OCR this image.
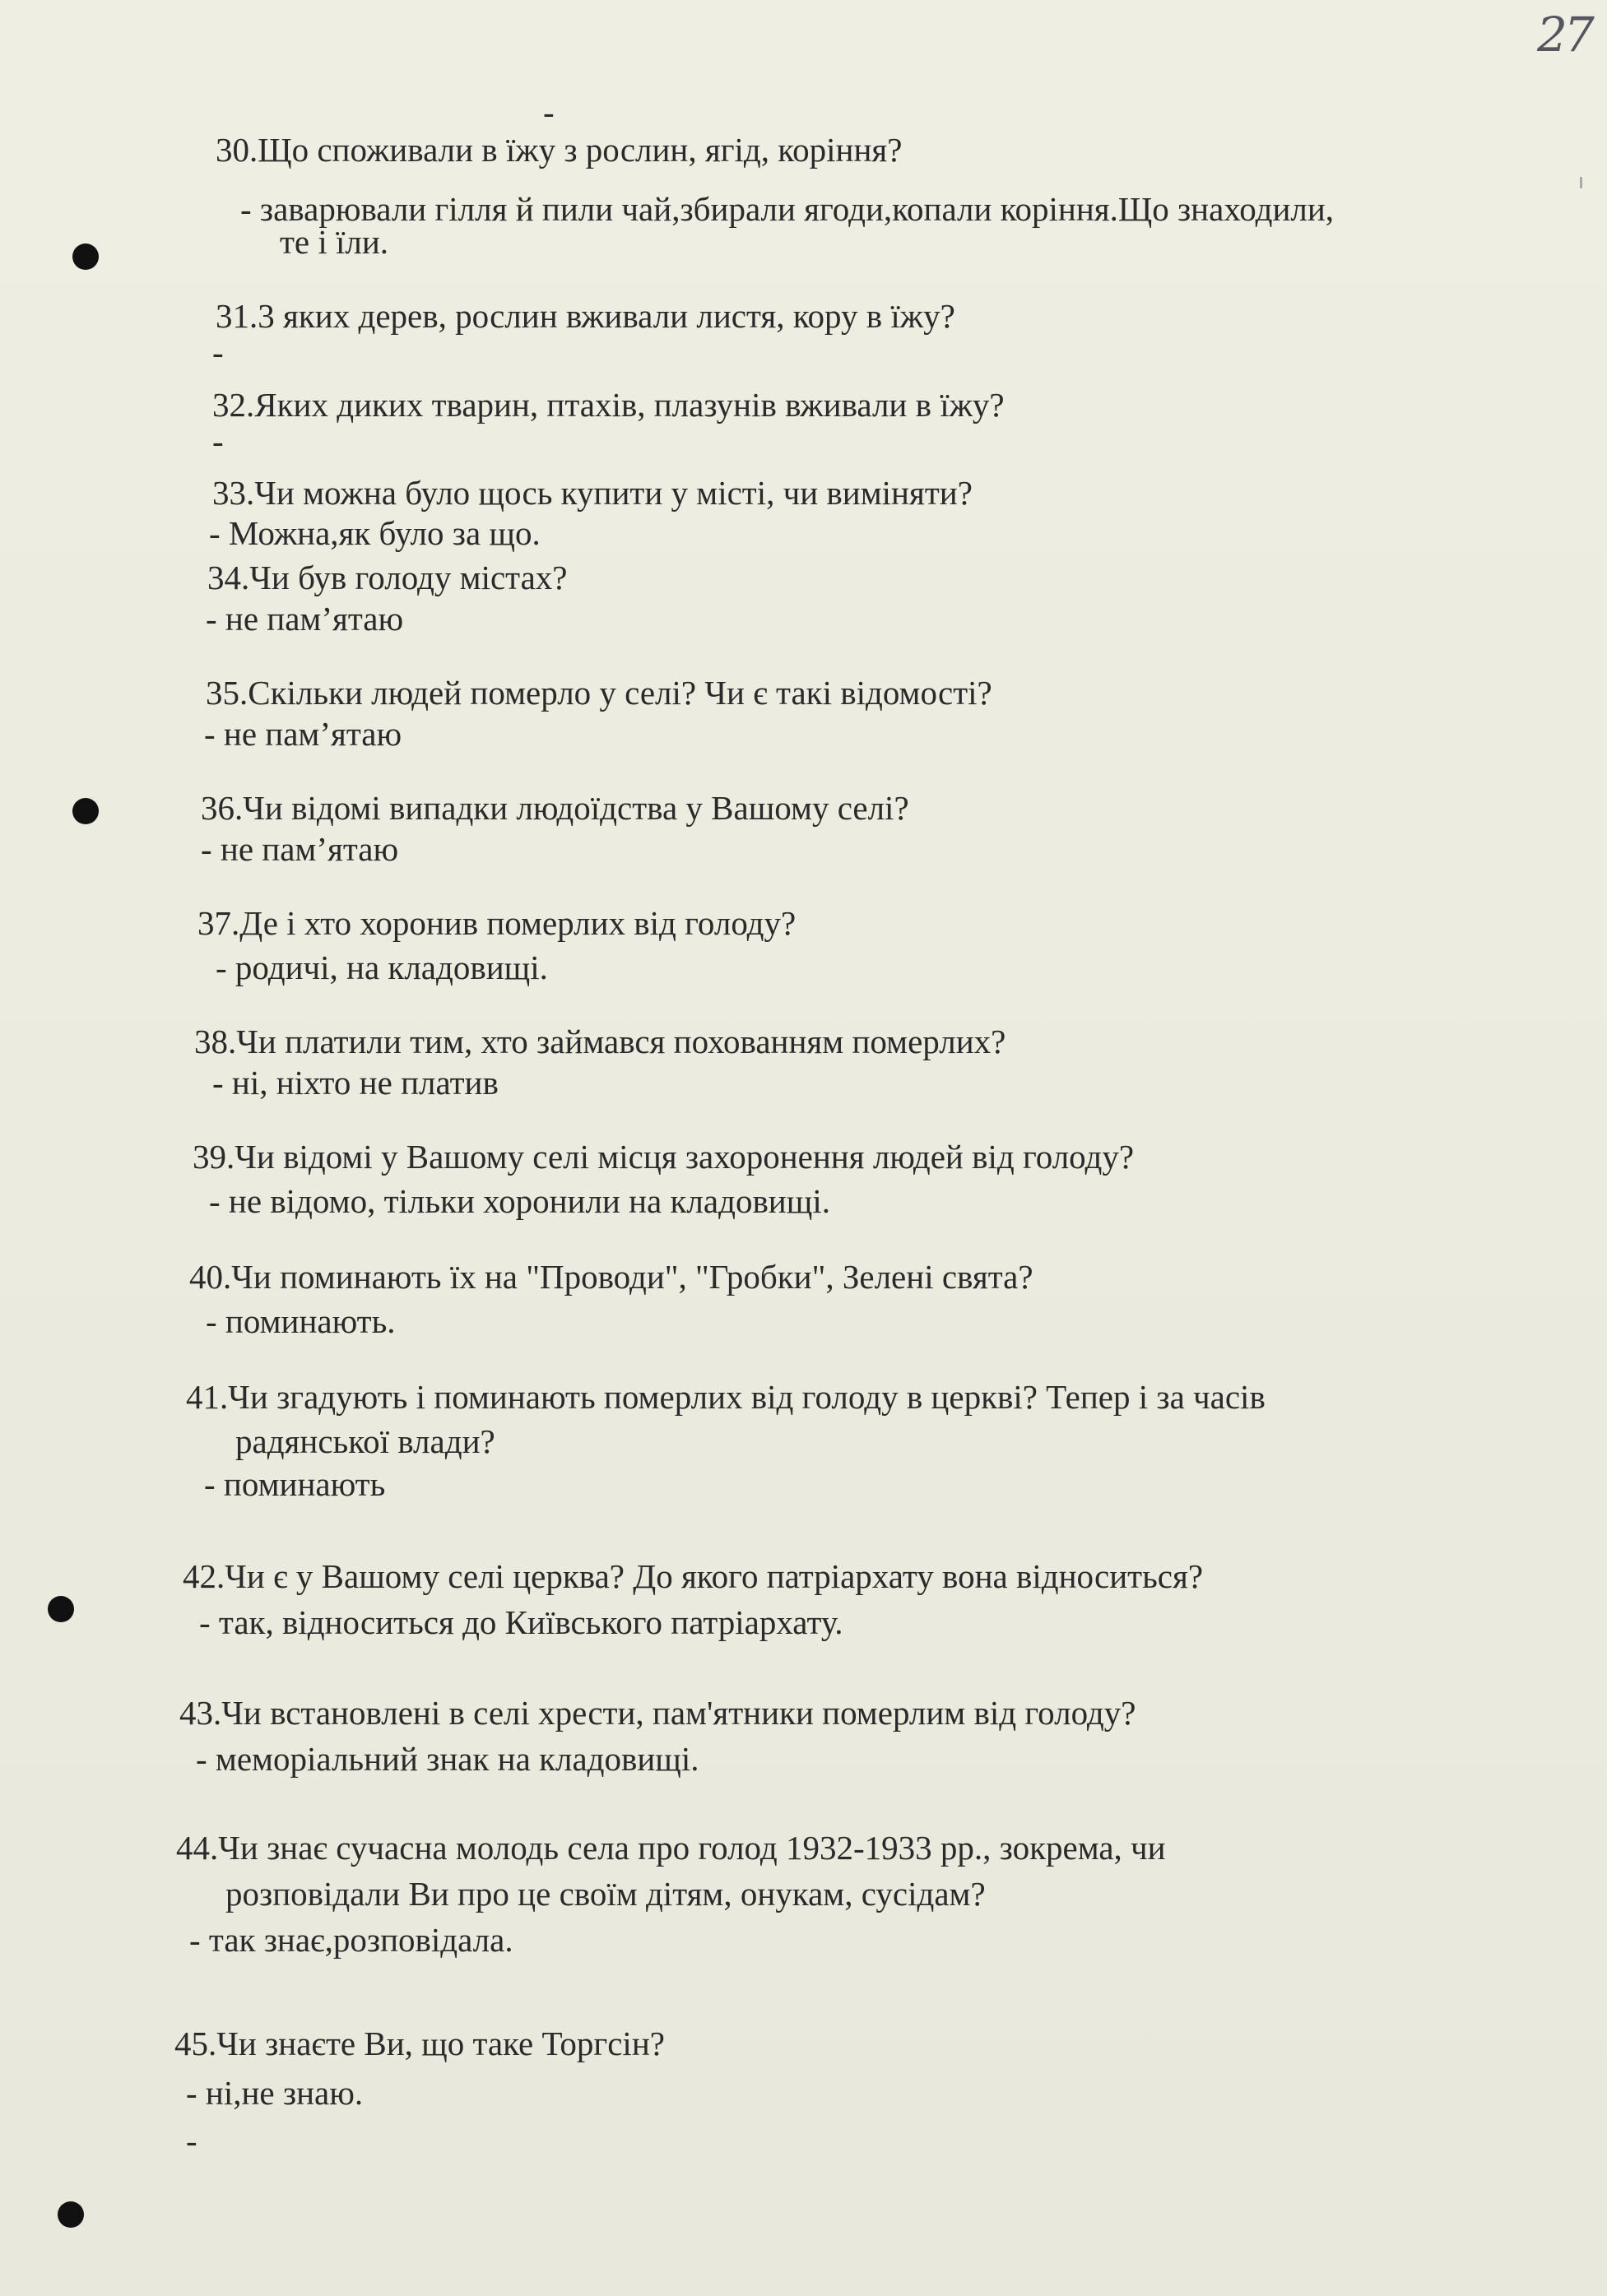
27
-
30.Що споживали в їжу з рослин, ягід, коріння?
- заварювали гілля й пили чай,збирали ягоди,копали коріння.Що знаходили,
те і їли.
31.3 яких дерев, рослин вживали листя, кору в їжу?
-
32.Яких диких тварин, птахів, плазунів вживали в їжу?
-
33.Чи можна було щось купити у місті, чи виміняти?
- Можна,як було за що.
34.Чи був голоду містах?
- не пам’ятаю
35.Скільки людей померло у селі? Чи є такі відомості?
- не пам’ятаю
36.Чи відомі випадки людоїдства у Вашому селі?
- не пам’ятаю
37.Де і хто хоронив померлих від голоду?
- родичі, на кладовищі.
38.Чи платили тим, хто займався похованням померлих?
- ні, ніхто не платив
39.Чи відомі у Вашому селі місця захоронення людей від голоду?
- не відомо, тільки хоронили на кладовищі.
40.Чи поминають їх на "Проводи", "Гробки", Зелені свята?
- поминають.
41.Чи згадують і поминають померлих від голоду в церкві? Тепер і за часів
радянської влади?
- поминають
42.Чи є у Вашому селі церква? До якого патріархату вона відноситься?
- так, відноситься до Київського патріархату.
43.Чи встановлені в селі хрести, пам'ятники померлим від голоду?
- меморіальний знак на кладовищі.
44.Чи знає сучасна молодь села про голод 1932-1933 рр., зокрема, чи
розповідали Ви про це своїм дітям, онукам, сусідам?
- так знає,розповідала.
45.Чи знаєте Ви, що таке Торгсін?
- ні,не знаю.
-
